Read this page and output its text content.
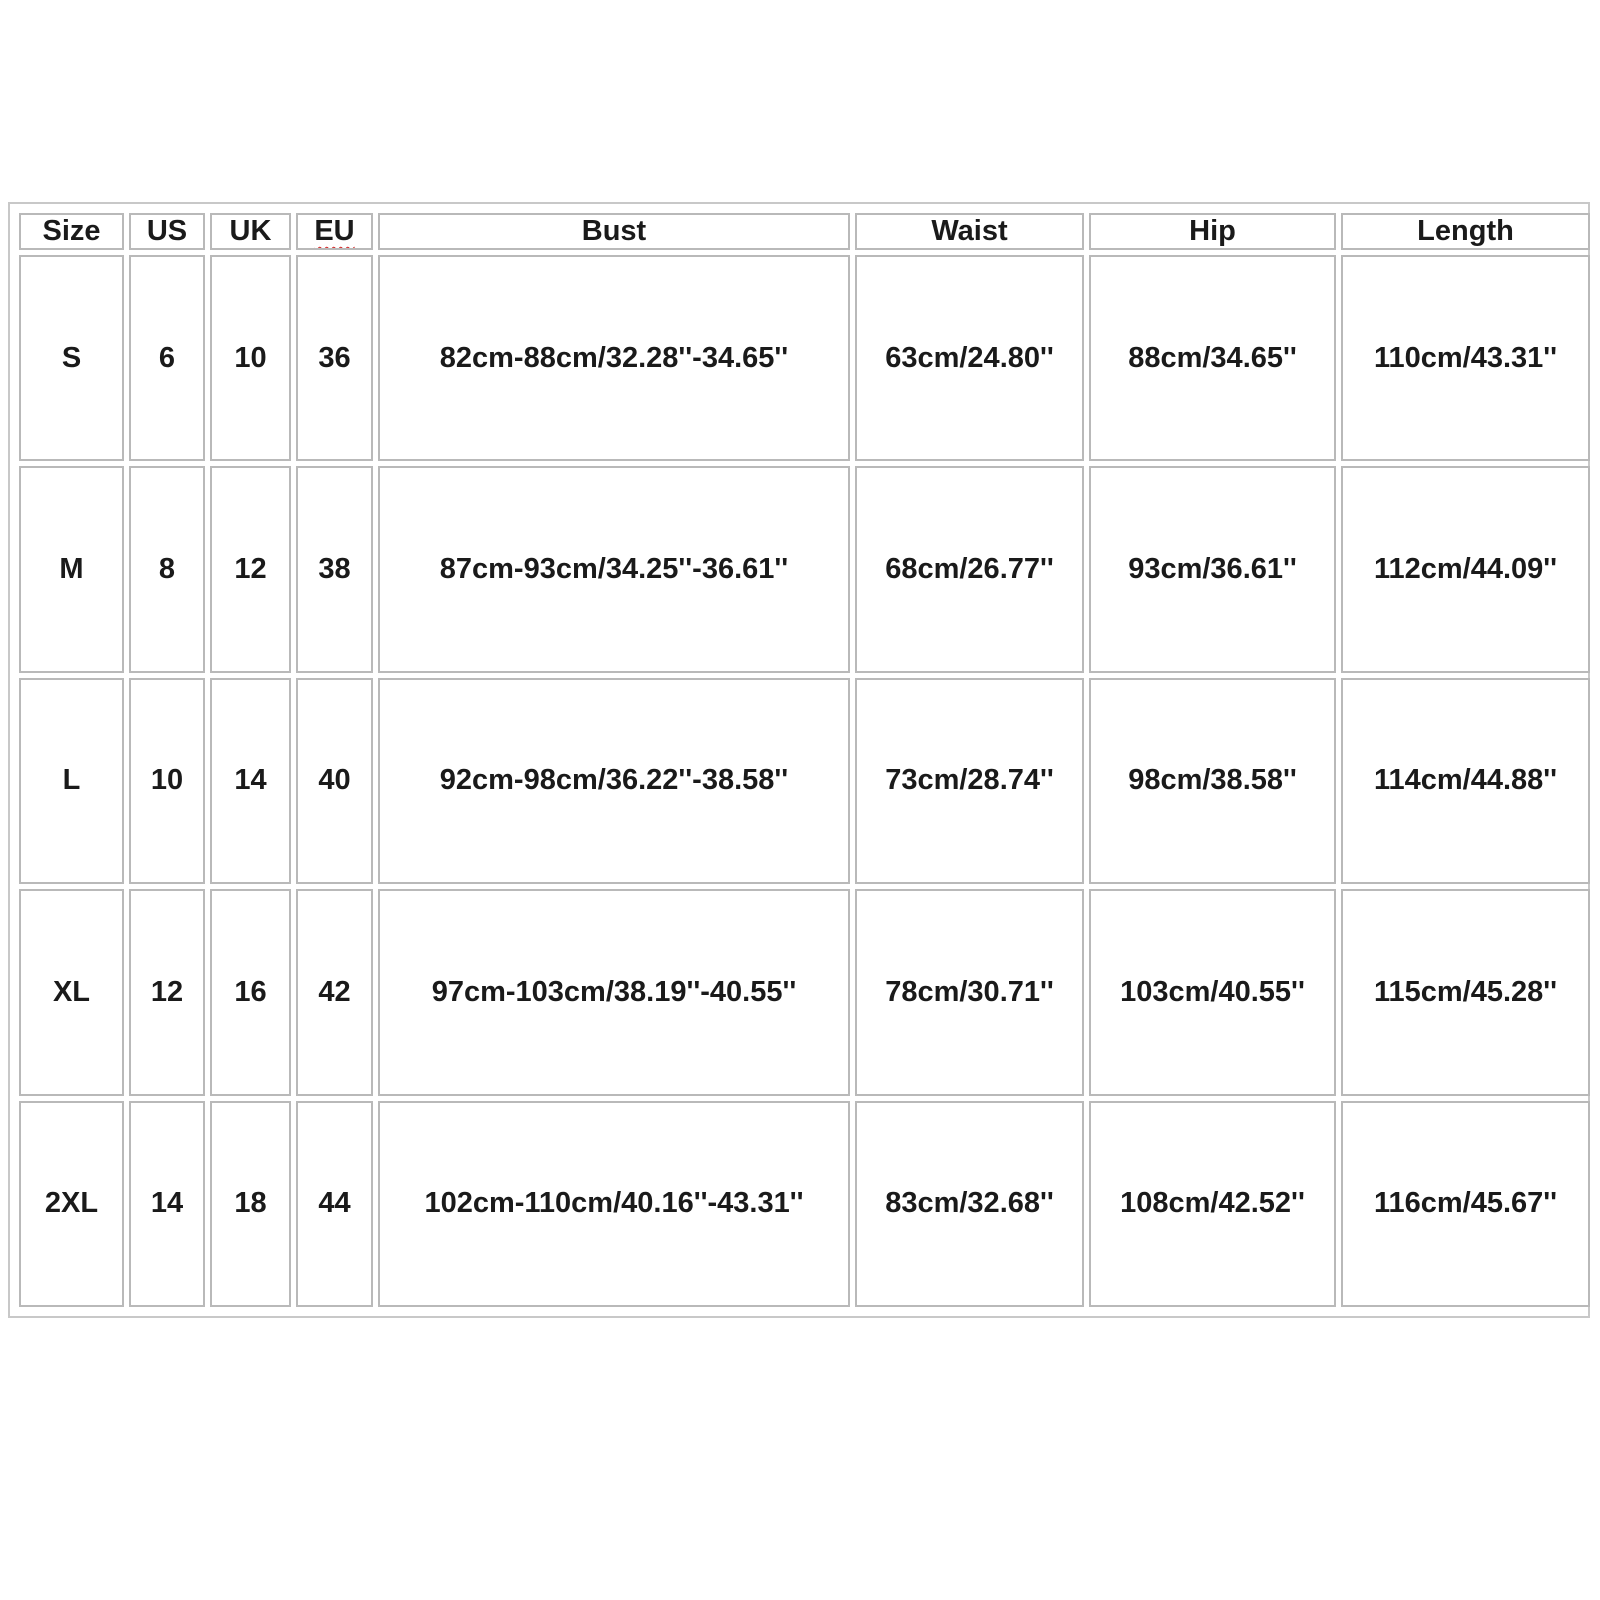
Size	US	UK	EU	Bust	Waist	Hip	Length
S	6	10	36	82cm-88cm/32.28''-34.65''	63cm/24.80''	88cm/34.65''	110cm/43.31''
M	8	12	38	87cm-93cm/34.25''-36.61''	68cm/26.77''	93cm/36.61''	112cm/44.09''
L	10	14	40	92cm-98cm/36.22''-38.58''	73cm/28.74''	98cm/38.58''	114cm/44.88''
XL	12	16	42	97cm-103cm/38.19''-40.55''	78cm/30.71''	103cm/40.55''	115cm/45.28''
2XL	14	18	44	102cm-110cm/40.16''-43.31''	83cm/32.68''	108cm/42.52''	116cm/45.67''
